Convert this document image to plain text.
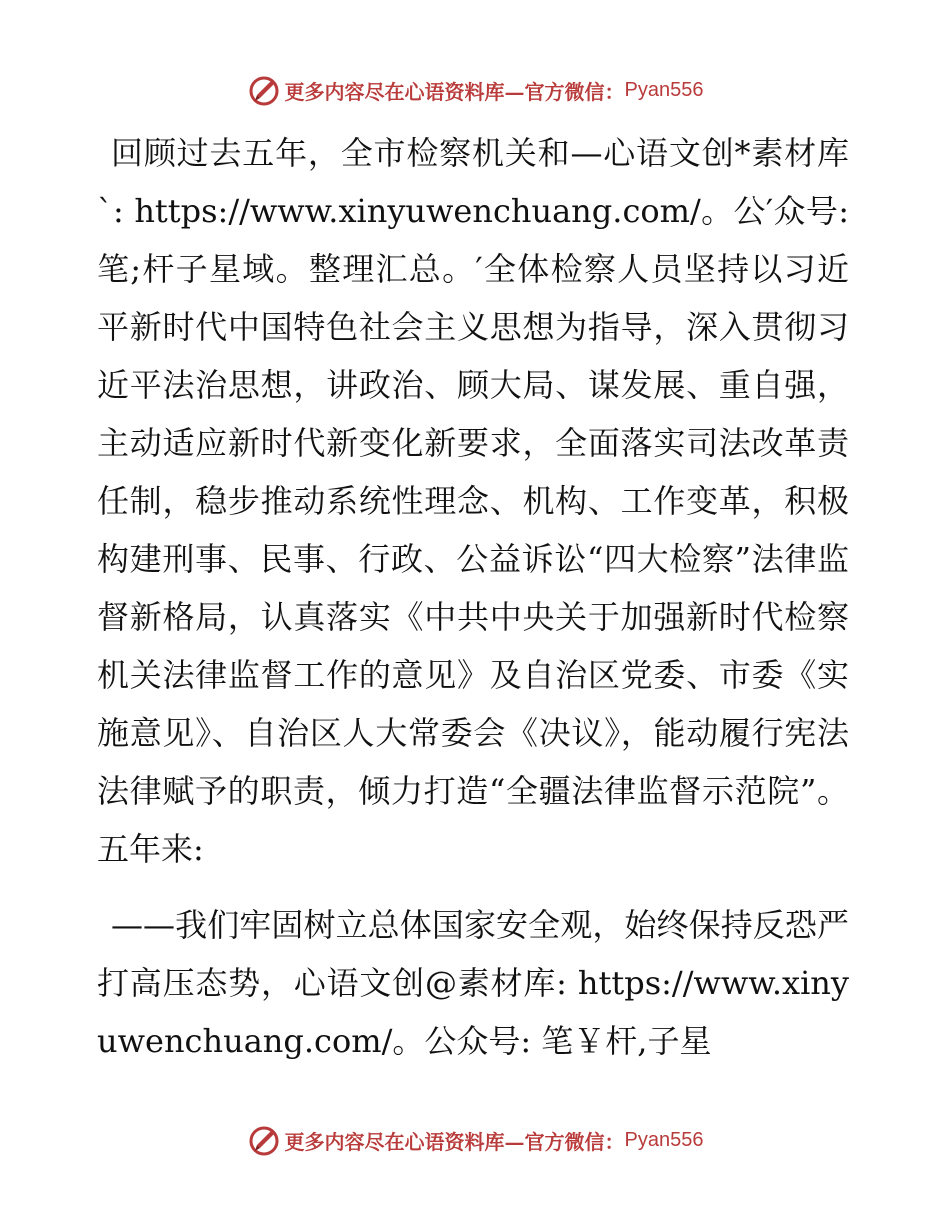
更多内容尽在心语资料库—官方微信： Pyan556

回顾过去五年，全市检察机关和—心语文创*素材库`: https://www.xinyuwenchuang.com/。公′众号: 笔;杆子星域。整理汇总。′全体检察人员坚持以习近平新时代中国特色社会主义思想为指导，深入贯彻习近平法治思想，讲政治、顾大局、谋发展、重自强，主动适应新时代新变化新要求，全面落实司法改革责任制，稳步推动系统性理念、机构、工作变革，积极构建刑事、民事、行政、公益诉讼“四大检察”法律监督新格局，认真落实《中共中央关于加强新时代检察机关法律监督工作的意见》及自治区党委、市委《实施意见》、自治区人大常委会《决议》，能动履行宪法法律赋予的职责，倾力打造“全疆法律监督示范院”。五年来:

——我们牢固树立总体国家安全观，始终保持反恐严打高压态势，心语文创@素材库: https://www.xinyuwenchuang.com/。公众号: 笔￥杆,子星

更多内容尽在心语资料库—官方微信： Pyan556
